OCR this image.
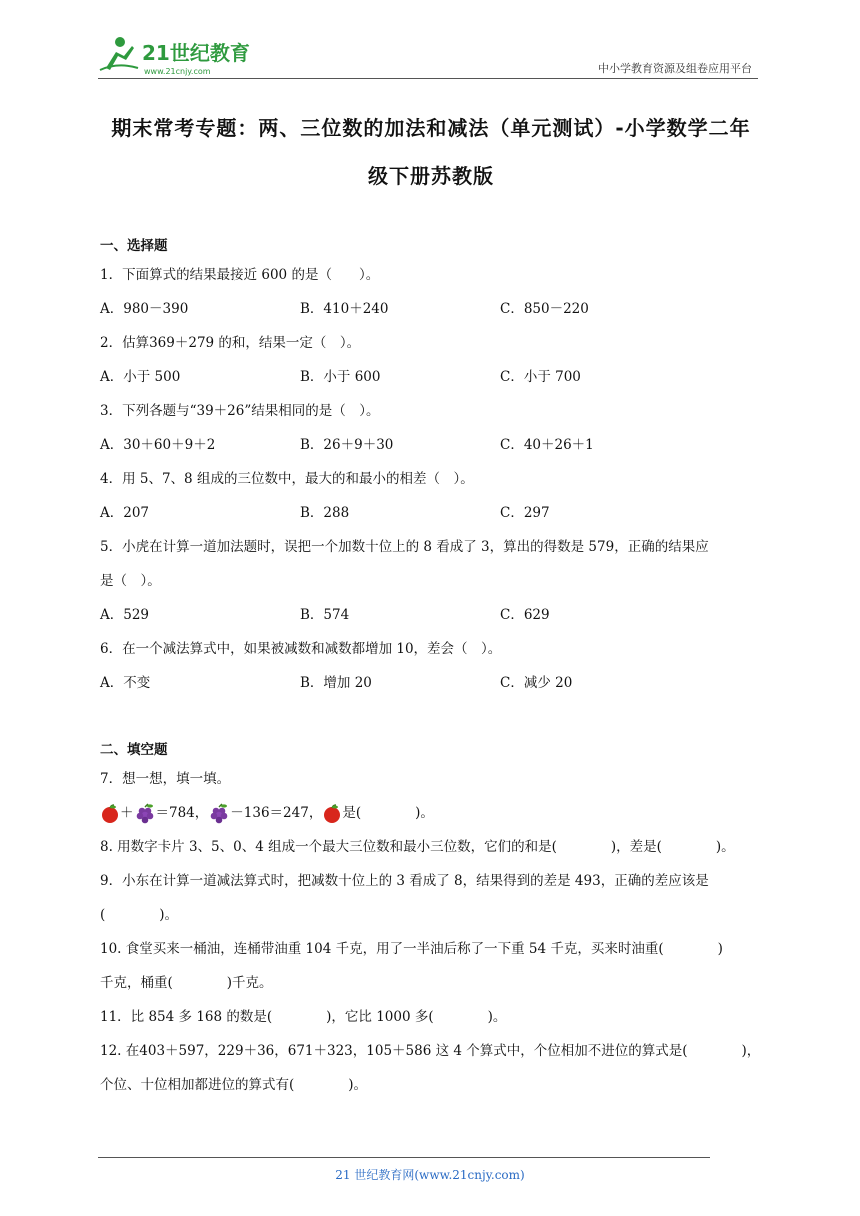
21世纪教育
www.21cnjy.com	中小学教育资源及组卷应用平台
期末常考专题：两、三位数的加法和减法（单元测试）-小学数学二年
级下册苏教版
一、选择题
1．下面算式的结果最接近 600 的是（　　）。
A．980－390	B．410＋240	C．850－220
2．估算369＋279 的和，结果一定（　）。
A．小于 500	B．小于 600	C．小于 700
3．下列各题与“39＋26”结果相同的是（　）。
A．30＋60＋9＋2	B．26＋9＋30	C．40＋26＋1
4．用 5、7、8 组成的三位数中，最大的和最小的相差（　）。
A．207	B．288	C．297
5．小虎在计算一道加法题时，误把一个加数十位上的 8 看成了 3，算出的得数是 579，正确的结果应
是（　）。
A．529	B．574	C．629
6．在一个减法算式中，如果被减数和减数都增加 10，差会（　）。
A．不变	B．增加 20	C．减少 20
二、填空题
7．想一想，填一填。
＋ ＝784， －136＝247， 是(　　　　)。
8. 用数字卡片 3、5、0、4 组成一个最大三位数和最小三位数，它们的和是(　　　　)，差是(　　　　)。
9．小东在计算一道减法算式时，把减数十位上的 3 看成了 8，结果得到的差是 493，正确的差应该是
(　　　　)。
10. 食堂买来一桶油，连桶带油重 104 千克，用了一半油后称了一下重 54 千克，买来时油重(　　　　)
千克，桶重(　　　　)千克。
11．比 854 多 168 的数是(　　　　)，它比 1000 多(　　　　)。
12. 在403＋597，229＋36，671＋323，105＋586 这 4 个算式中，个位相加不进位的算式是(　　　　)，
个位、十位相加都进位的算式有(　　　　)。
21 世纪教育网(www.21cnjy.com)
